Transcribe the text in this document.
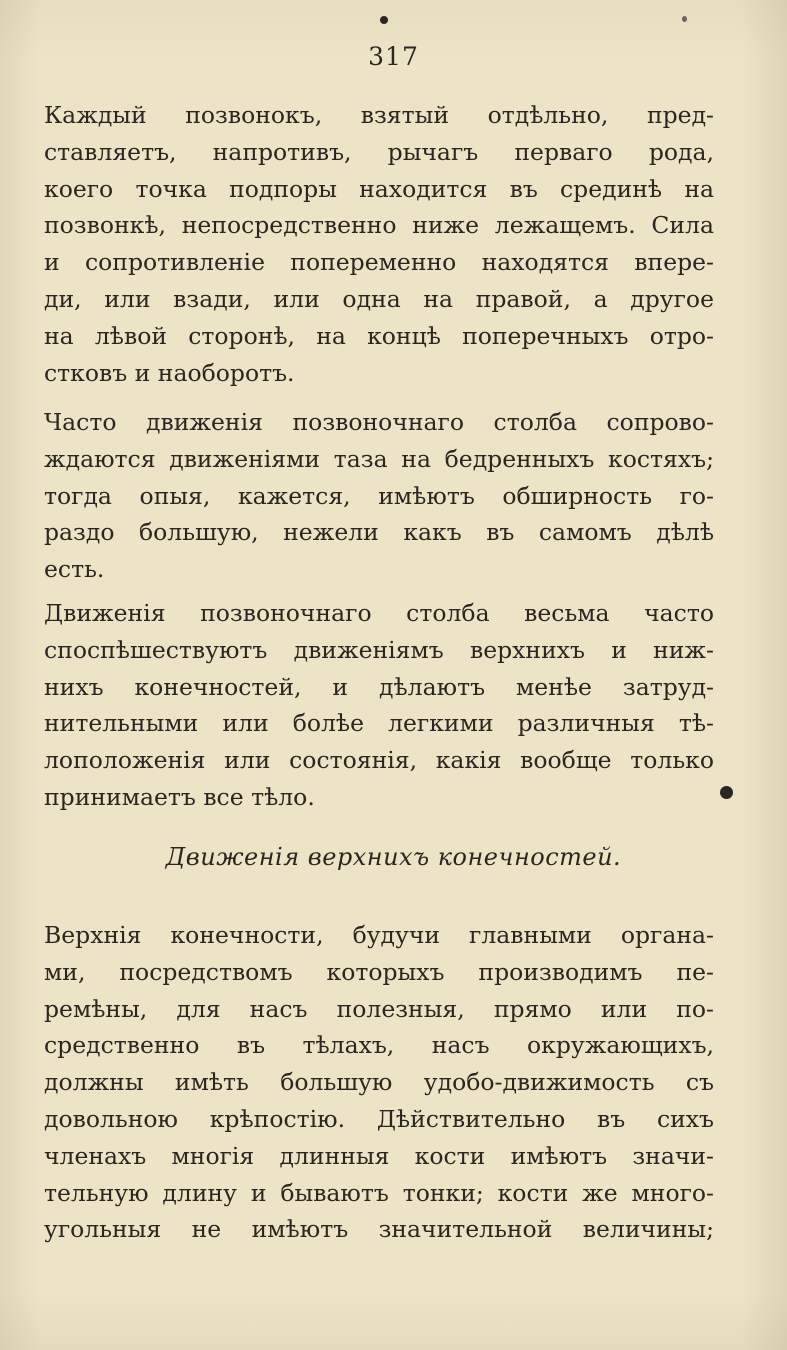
317
Каждый позвонокъ, взятый отдѣльно, пред-
ставляетъ, напротивъ, рычагъ перваго рода,
коего точка подпоры находится въ срединѣ на
позвонкѣ, непосредственно ниже лежащемъ. Сила
и сопротивленіе попеременно находятся впере-
ди, или взади, или одна на правой, а другое
на лѣвой сторонѣ, на концѣ поперечныхъ отро-
стковъ и наоборотъ.
Часто движенія позвоночнаго столба сопрово-
ждаются движеніями таза на бедренныхъ костяхъ;
тогда опыя, кажется, имѣютъ обширность го-
раздо большую, нежели какъ въ самомъ дѣлѣ
есть.
Движенія позвоночнаго столба весьма часто
споспѣшествуютъ движеніямъ верхнихъ и ниж-
нихъ конечностей, и дѣлаютъ менѣе затруд-
нительными или болѣе легкими различныя тѣ-
лоположенія или состоянія, какія вообще только
принимаетъ все тѣло.
Движенія верхнихъ конечностей.
Верхнія конечности, будучи главными органа-
ми, посредствомъ которыхъ производимъ пе-
ремѣны, для насъ полезныя, прямо или по-
средственно въ тѣлахъ, насъ окружающихъ,
должны имѣть большую удобо-движимость съ
довольною крѣпостію. Дѣйствительно въ сихъ
членахъ многія длинныя кости имѣютъ значи-
тельную длину и бываютъ тонки; кости же много-
угольныя не имѣютъ значительной величины;
